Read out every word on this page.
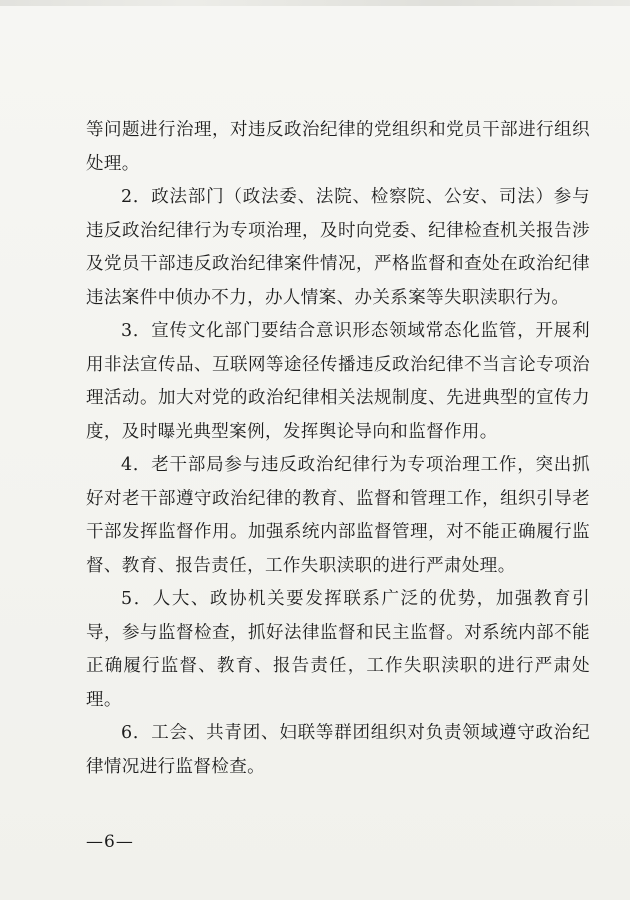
等问题进行治理，对违反政治纪律的党组织和党员干部进行组织处理。

2．政法部门（政法委、法院、检察院、公安、司法）参与违反政治纪律行为专项治理，及时向党委、纪律检查机关报告涉及党员干部违反政治纪律案件情况，严格监督和查处在政治纪律违法案件中侦办不力，办人情案、办关系案等失职渎职行为。

3．宣传文化部门要结合意识形态领域常态化监管，开展利用非法宣传品、互联网等途径传播违反政治纪律不当言论专项治理活动。加大对党的政治纪律相关法规制度、先进典型的宣传力度，及时曝光典型案例，发挥舆论导向和监督作用。

4．老干部局参与违反政治纪律行为专项治理工作，突出抓好对老干部遵守政治纪律的教育、监督和管理工作，组织引导老干部发挥监督作用。加强系统内部监督管理，对不能正确履行监督、教育、报告责任，工作失职渎职的进行严肃处理。

5．人大、政协机关要发挥联系广泛的优势，加强教育引导，参与监督检查，抓好法律监督和民主监督。对系统内部不能正确履行监督、教育、报告责任，工作失职渎职的进行严肃处理。

6．工会、共青团、妇联等群团组织对负责领域遵守政治纪律情况进行监督检查。

—6—
